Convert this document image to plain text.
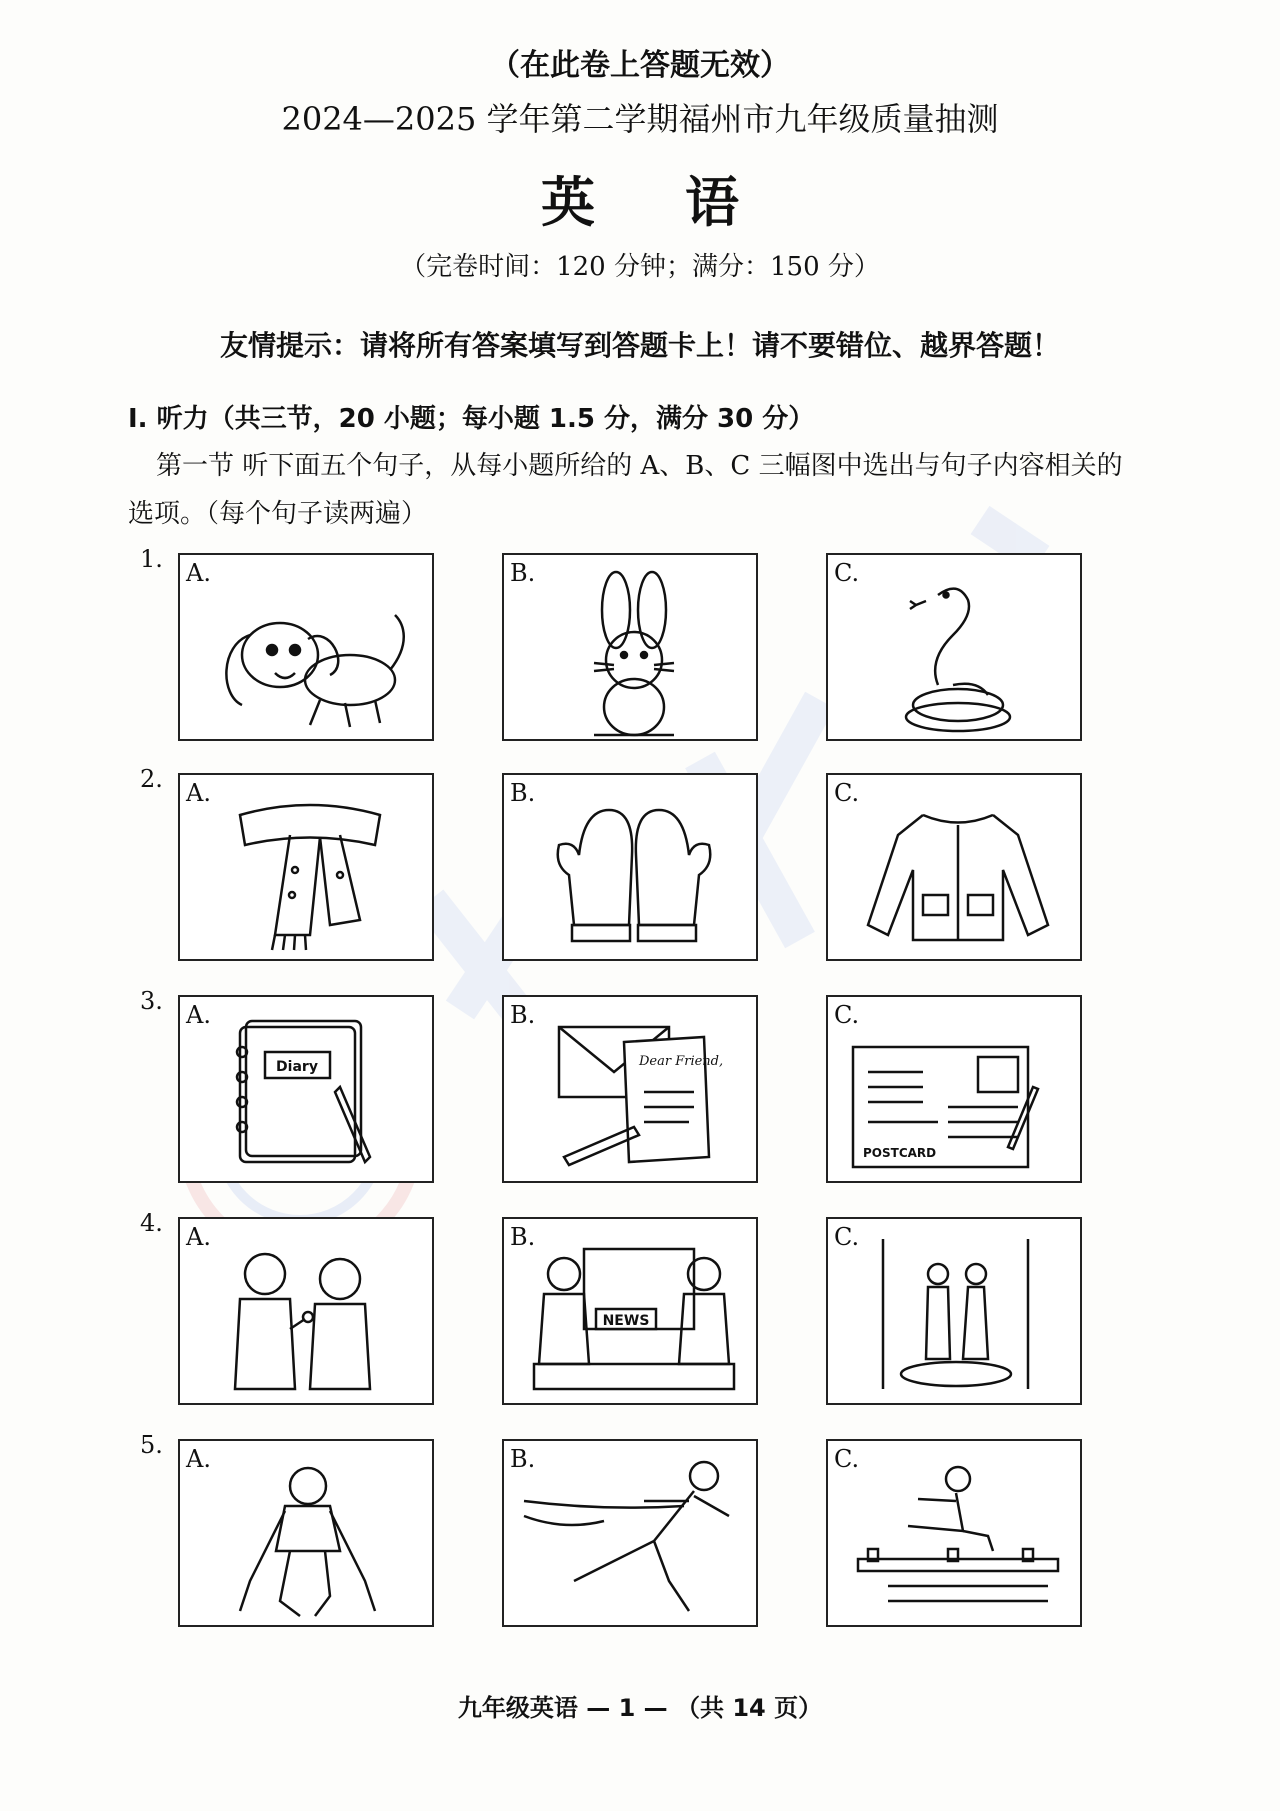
（在此卷上答题无效）
2024—2025 学年第二学期福州市九年级质量抽测
英语
（完卷时间：120 分钟；满分：150 分）
友情提示：请将所有答案填写到答题卡上！请不要错位、越界答题！
I. 听力（共三节，20 小题；每小题 1.5 分，满分 30 分）
第一节 听下面五个句子，从每小题所给的 A、B、C 三幅图中选出与句子内容相关的选项。（每个句子读两遍）
1. A.	B.	C.
2. A.	B.	C.
3. A.
Diary
B.
Dear Friend,
C.
POSTCARD
4. A.	B.
NEWS
C.
5. A.	B.	C.
九年级英语 — 1 — （共 14 页）
